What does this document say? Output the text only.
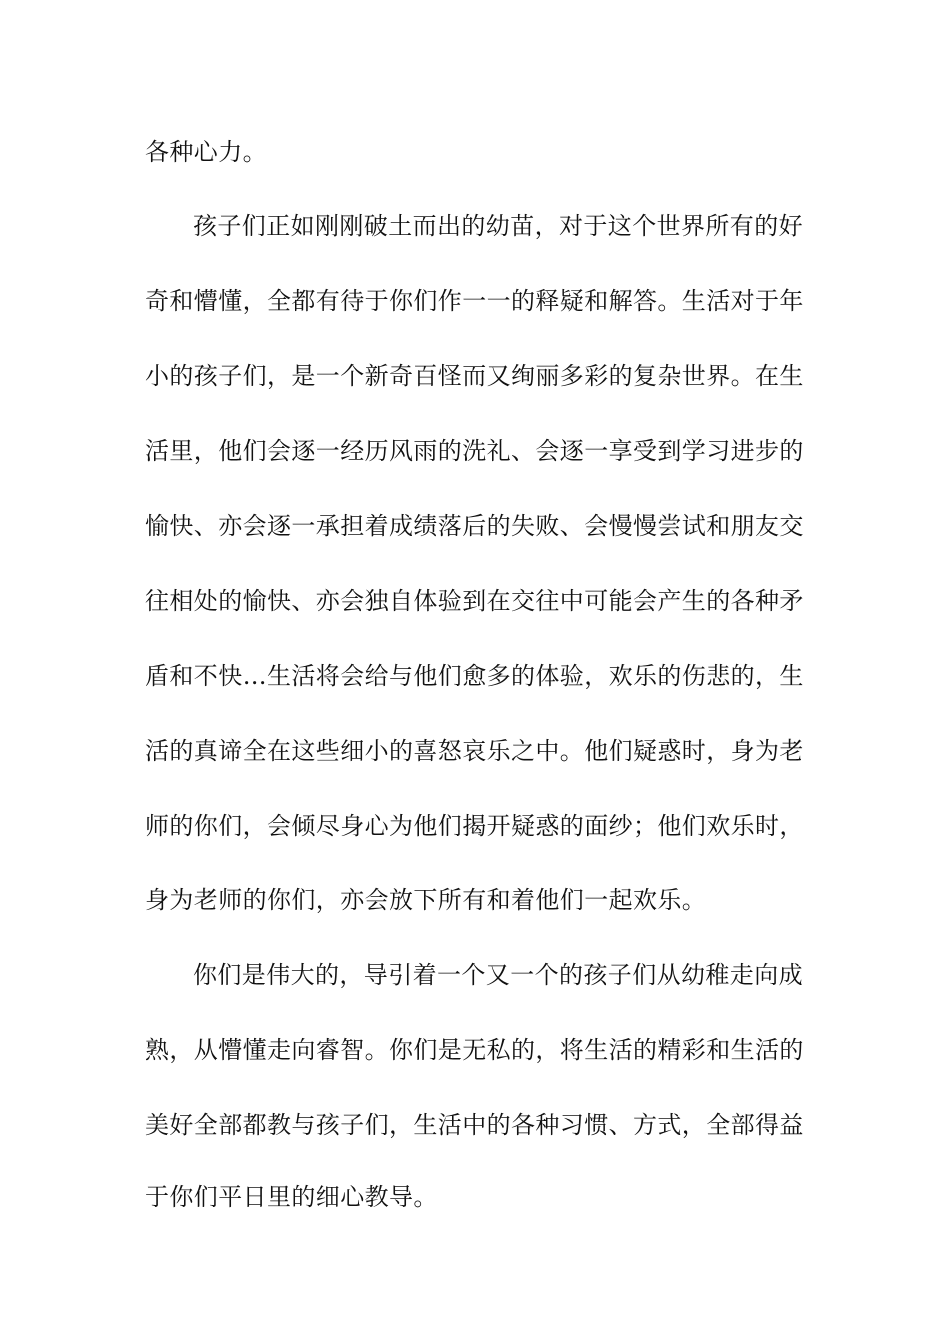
各种心力。

孩子们正如刚刚破土而出的幼苗，对于这个世界所有的好

奇和懵懂，全都有待于你们作一一的释疑和解答。生活对于年

小的孩子们，是一个新奇百怪而又绚丽多彩的复杂世界。在生

活里，他们会逐一经历风雨的洗礼、会逐一享受到学习进步的

愉快、亦会逐一承担着成绩落后的失败、会慢慢尝试和朋友交

往相处的愉快、亦会独自体验到在交往中可能会产生的各种矛

盾和不快…生活将会给与他们愈多的体验，欢乐的伤悲的，生

活的真谛全在这些细小的喜怒哀乐之中。他们疑惑时，身为老

师的你们，会倾尽身心为他们揭开疑惑的面纱；他们欢乐时，

身为老师的你们，亦会放下所有和着他们一起欢乐。

你们是伟大的，导引着一个又一个的孩子们从幼稚走向成

熟，从懵懂走向睿智。你们是无私的，将生活的精彩和生活的

美好全部都教与孩子们，生活中的各种习惯、方式，全部得益

于你们平日里的细心教导。
